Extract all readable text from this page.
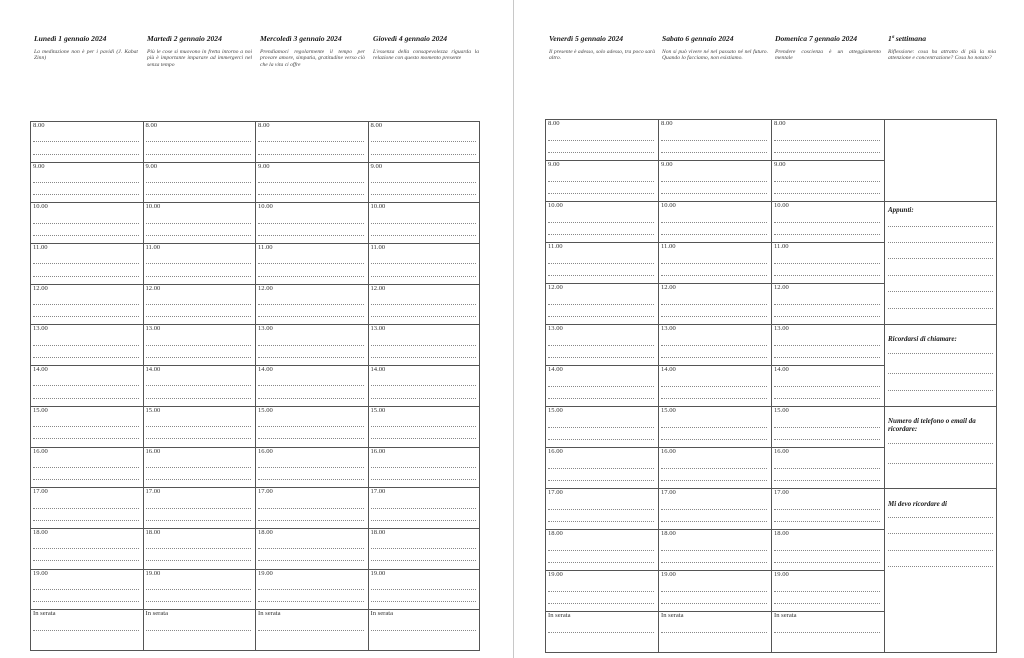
Lunedì 1 gennaio 2024
La meditazione non è per i pavidi (J. Kabat Zinn)
Martedì 2 gennaio 2024
Più le cose si muovono in fretta intorno a noi più è importante imparare ad immergerci nel senza tempo
Mercoledì 3 gennaio 2024
Prendiamoci regolarmente il tempo per provare amore, simpatia, gratitudine verso ciò che la vita ci offre
Giovedì 4 gennaio 2024
L'essenza della consapevolezza riguarda la relazione con questo momento presente
Venerdì 5 gennaio 2024
Il presente è adesso, solo adesso, tra poco sarà altro.
Sabato 6 gennaio 2024
Non si può vivere né nel passato né nel futuro. Quando lo facciamo, non esistiamo.
Domenica 7 gennaio 2024
Prendere coscienza è un atteggiamento mentale
1ª settimana
Riflessione: cosa ha attratto di più la mia attenzione e concentrazione? Cosa ho notato?
8.00
9.00
10.00
11.00
12.00
13.00
14.00
15.00
16.00
17.00
18.00
19.00
In serata
8.00
9.00
10.00
11.00
12.00
13.00
14.00
15.00
16.00
17.00
18.00
19.00
In serata
8.00
9.00
10.00
11.00
12.00
13.00
14.00
15.00
16.00
17.00
18.00
19.00
In serata
8.00
9.00
10.00
11.00
12.00
13.00
14.00
15.00
16.00
17.00
18.00
19.00
In serata
8.00
9.00
10.00
11.00
12.00
13.00
14.00
15.00
16.00
17.00
18.00
19.00
In serata
8.00
9.00
10.00
11.00
12.00
13.00
14.00
15.00
16.00
17.00
18.00
19.00
In serata
8.00
9.00
10.00
11.00
12.00
13.00
14.00
15.00
16.00
17.00
18.00
19.00
In serata
Appunti:
Ricordarsi di chiamare:
Numero di telefono o email da ricordare:
Mi devo ricordare di
